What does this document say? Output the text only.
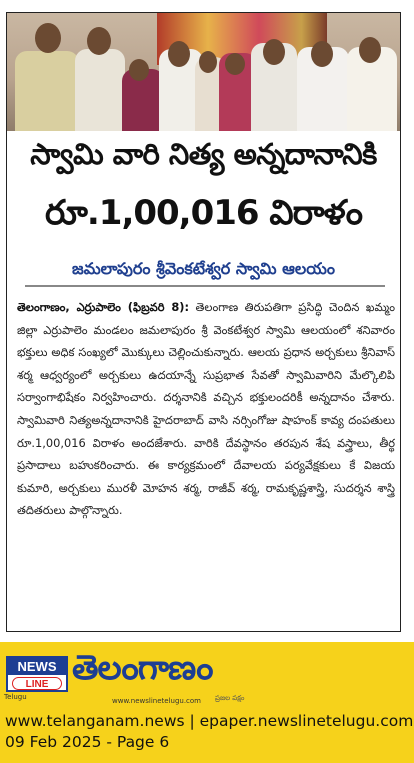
స్వామి వారి నిత్య అన్నదానానికి
రూ.1,00,016 విరాళం
జమలాపురం శ్రీవెంకటేశ్వర స్వామి ఆలయం
తెలంగాణం, ఎర్రుపాలెం (ఫిబ్రవరి 8): తెలంగాణ తిరుపతిగా ప్రసిద్ధి చెందిన ఖమ్మం జిల్లా ఎర్రుపాలెం మండలం జమలాపురం శ్రీ వెంకటేశ్వర స్వామి ఆలయంలో శనివారం భక్తులు అధిక సంఖ్యలో మొక్కులు చెల్లించుకున్నారు. ఆలయ ప్రధాన అర్చకులు శ్రీనివాస్ శర్మ ఆధ్వర్యంలో అర్చకులు ఉదయాన్నే సుప్రభాత సేవతో స్వామివారిని మేల్కొలిపి సర్వాంగాభిషేకం నిర్వహించారు. దర్శనానికి వచ్చిన భక్తులందరికీ అన్నదానం చేశారు. స్వామివారి నిత్యఅన్నదానానికి హైదరాబాద్ వాసి నర్సింగోజు షాహంక్ కావ్య దంపతులు రూ.1,00,016 విరాళం అందజేశారు. వారికి దేవస్థానం తరపున శేష వస్త్రాలు, తీర్థ ప్రసాదాలు బహుకరించారు. ఈ కార్యక్రమంలో దేవాలయ పర్యవేక్షకులు కే విజయ కుమారి, అర్చకులు మురళీ మోహన శర్మ, రాజీవ్ శర్మ, రామకృష్ణశాస్త్రి, సుదర్శన శాస్త్రి తదితరులు పాల్గొన్నారు.
NEWS
LINE
Telugu
తెలంగాణం
www.newslinetelugu.com ప్రజల పక్షం
www.telanganam.news | epaper.newslinetelugu.com
09 Feb 2025 - Page 6
